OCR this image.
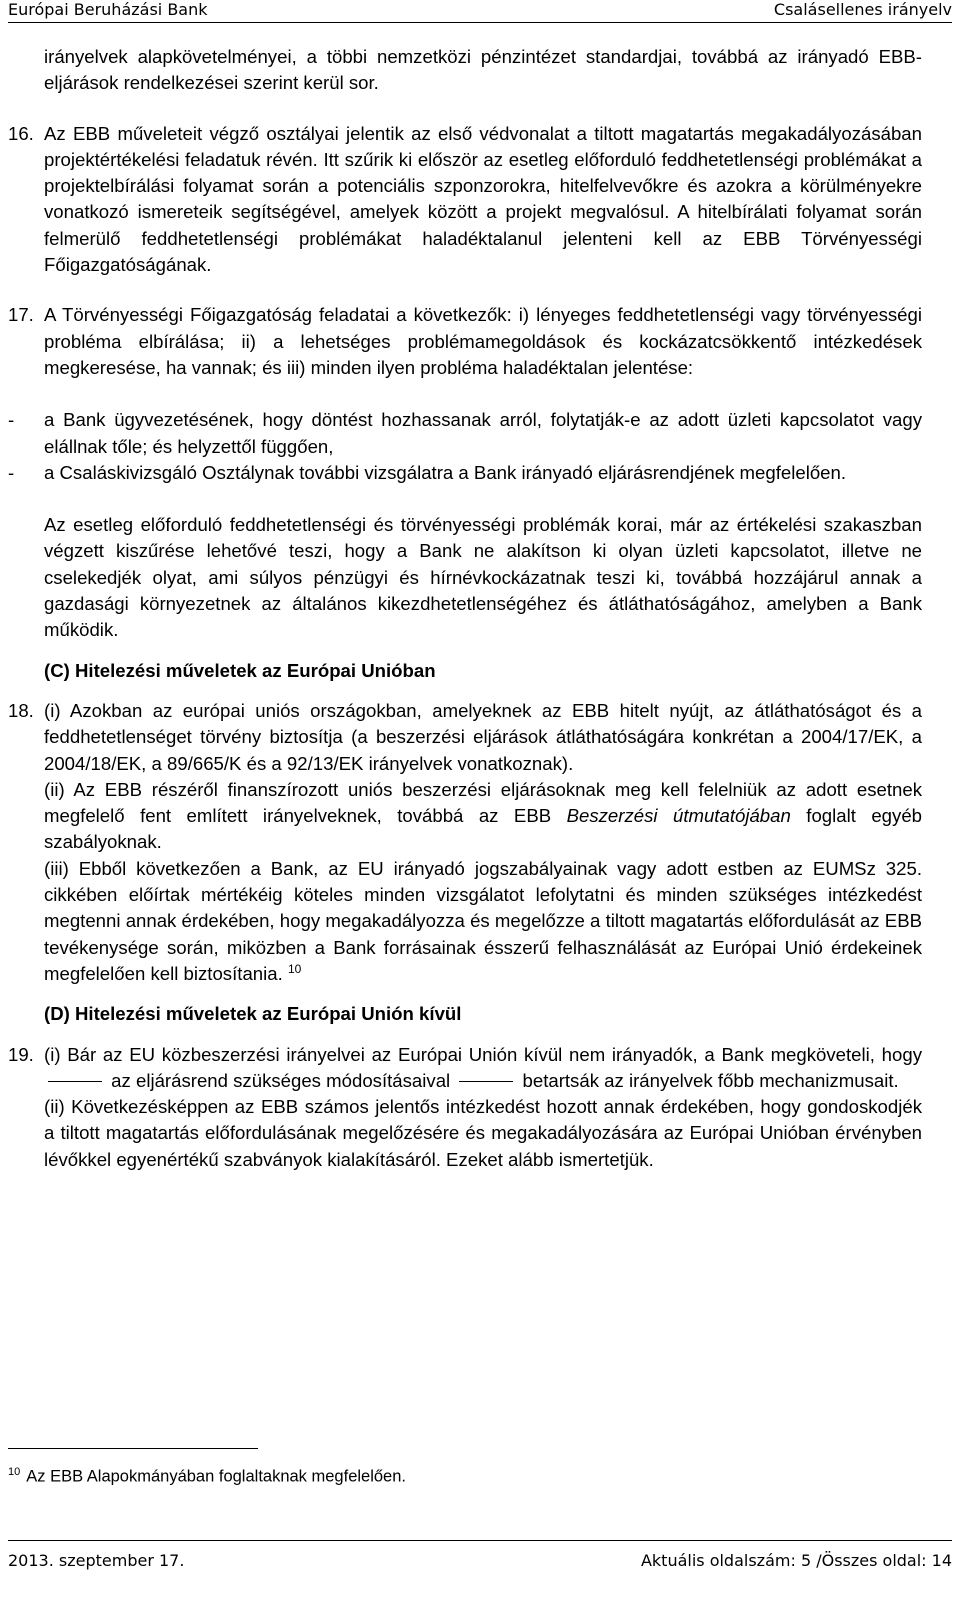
Európai Beruházási Bank	Csalásellenes irányelv

irányelvek alapkövetelményei, a többi nemzetközi pénzintézet standardjai, továbbá az irányadó EBB-eljárások rendelkezései szerint kerül sor.

16. Az EBB műveleteit végző osztályai jelentik az első védvonalat a tiltott magatartás megakadályozásában projektértékelési feladatuk révén. Itt szűrik ki először az esetleg előforduló feddhetetlenségi problémákat a projektelbírálási folyamat során a potenciális szponzorokra, hitelfelvevőkre és azokra a körülményekre vonatkozó ismereteik segítségével, amelyek között a projekt megvalósul. A hitelbírálati folyamat során felmerülő feddhetetlenségi problémákat haladéktalanul jelenteni kell az EBB Törvényességi Főigazgatóságának.

17. A Törvényességi Főigazgatóság feladatai a következők: i) lényeges feddhetetlenségi vagy törvényességi probléma elbírálása; ii) a lehetséges problémamegoldások és kockázatcsökkentő intézkedések megkeresése, ha vannak; és iii) minden ilyen probléma haladéktalan jelentése:

- a Bank ügyvezetésének, hogy döntést hozhassanak arról, folytatják-e az adott üzleti kapcsolatot vagy elállnak tőle; és helyzettől függően,

- a Csaláskivizsgáló Osztálynak további vizsgálatra a Bank irányadó eljárásrendjének megfelelően.

Az esetleg előforduló feddhetetlenségi és törvényességi problémák korai, már az értékelési szakaszban végzett kiszűrése lehetővé teszi, hogy a Bank ne alakítson ki olyan üzleti kapcsolatot, illetve ne cselekedjék olyat, ami súlyos pénzügyi és hírnévkockázatnak teszi ki, továbbá hozzájárul annak a gazdasági környezetnek az általános kikezdhetetlenségéhez és átláthatóságához, amelyben a Bank működik.

(C) Hitelezési műveletek az Európai Unióban

18. (i) Azokban az európai uniós országokban, amelyeknek az EBB hitelt nyújt, az átláthatóságot és a feddhetetlenséget törvény biztosítja (a beszerzési eljárások átláthatóságára konkrétan a 2004/17/EK, a 2004/18/EK, a 89/665/K és a 92/13/EK irányelvek vonatkoznak).

(ii) Az EBB részéről finanszírozott uniós beszerzési eljárásoknak meg kell felelniük az adott esetnek megfelelő fent említett irányelveknek, továbbá az EBB Beszerzési útmutatójában foglalt egyéb szabályoknak.

(iii) Ebből következően a Bank, az EU irányadó jogszabályainak vagy adott estben az EUMSz 325. cikkében előírtak mértékéig köteles minden vizsgálatot lefolytatni és minden szükséges intézkedést megtenni annak érdekében, hogy megakadályozza és megelőzze a tiltott magatartás előfordulását az EBB tevékenysége során, miközben a Bank forrásainak ésszerű felhasználását az Európai Unió érdekeinek megfelelően kell biztosítania. $^{10}$

(D) Hitelezési műveletek az Európai Unión kívül

19. (i) Bár az EU közbeszerzési irányelvei az Európai Unión kívül nem irányadók, a Bank megköveteli, hogy  az eljárásrend szükséges módosításaival	betartsák az irányelvek főbb mechanizmusait.

(ii) Következésképpen az EBB számos jelentős intézkedést hozott annak érdekében, hogy gondoskodjék a tiltott magatartás előfordulásának megelőzésére és megakadályozására az Európai Unióban érvényben lévőkkel egyenértékű szabványok kialakításáról. Ezeket alább ismertetjük.

$^{10}$ Az EBB Alapokmányában foglaltaknak megfelelően.
2013. szeptember 17.	Aktuális oldalszám: 5 /Összes oldal: 14
